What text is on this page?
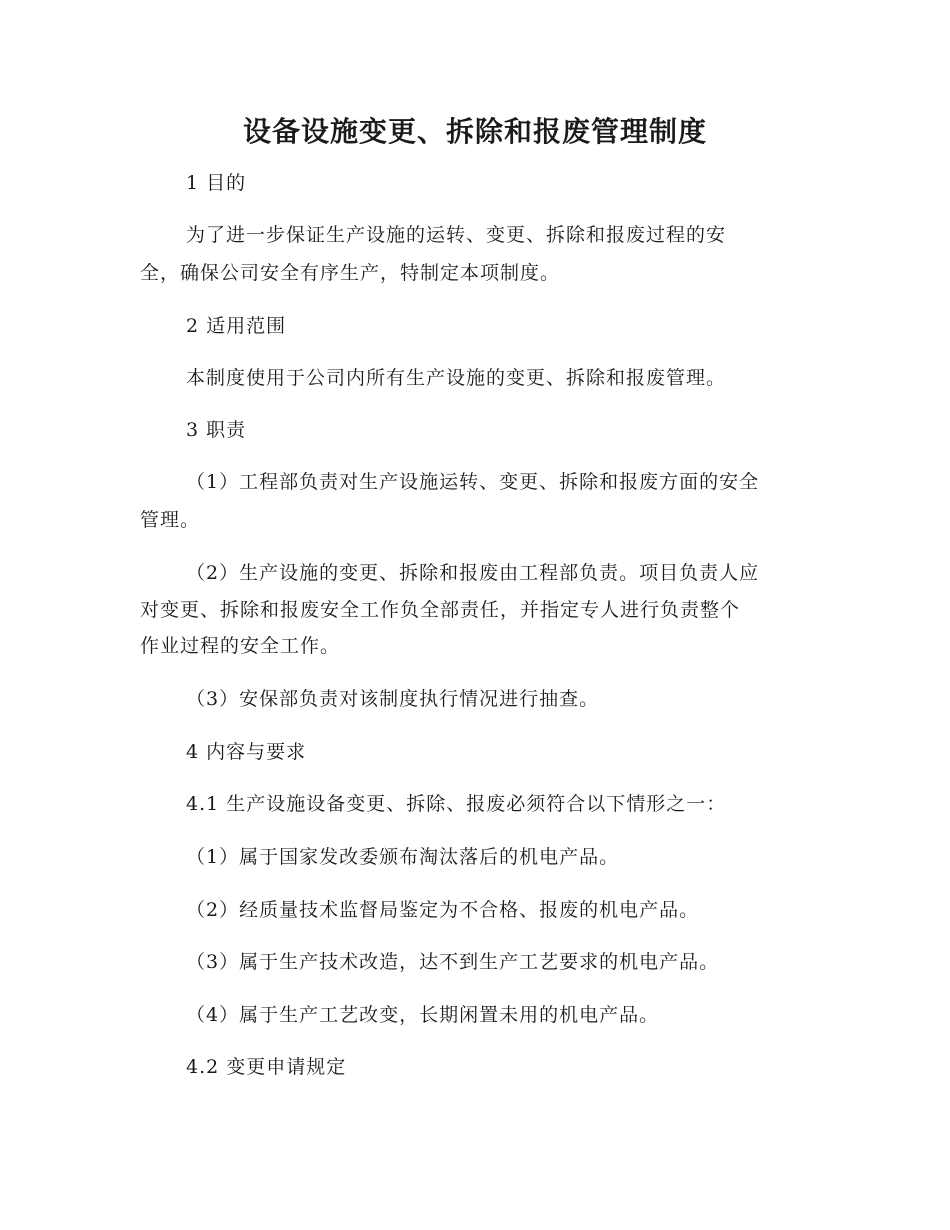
设备设施变更、拆除和报废管理制度
1 目的
为了进一步保证生产设施的运转、变更、拆除和报废过程的安
全，确保公司安全有序生产，特制定本项制度。
2 适用范围
本制度使用于公司内所有生产设施的变更、拆除和报废管理。
3 职责
（1）工程部负责对生产设施运转、变更、拆除和报废方面的安全
管理。
（2）生产设施的变更、拆除和报废由工程部负责。项目负责人应
对变更、拆除和报废安全工作负全部责任，并指定专人进行负责整个
作业过程的安全工作。
（3）安保部负责对该制度执行情况进行抽查。
4 内容与要求
4.1 生产设施设备变更、拆除、报废必须符合以下情形之一：
（1）属于国家发改委颁布淘汰落后的机电产品。
（2）经质量技术监督局鉴定为不合格、报废的机电产品。
（3）属于生产技术改造，达不到生产工艺要求的机电产品。
（4）属于生产工艺改变，长期闲置未用的机电产品。
4.2 变更申请规定
